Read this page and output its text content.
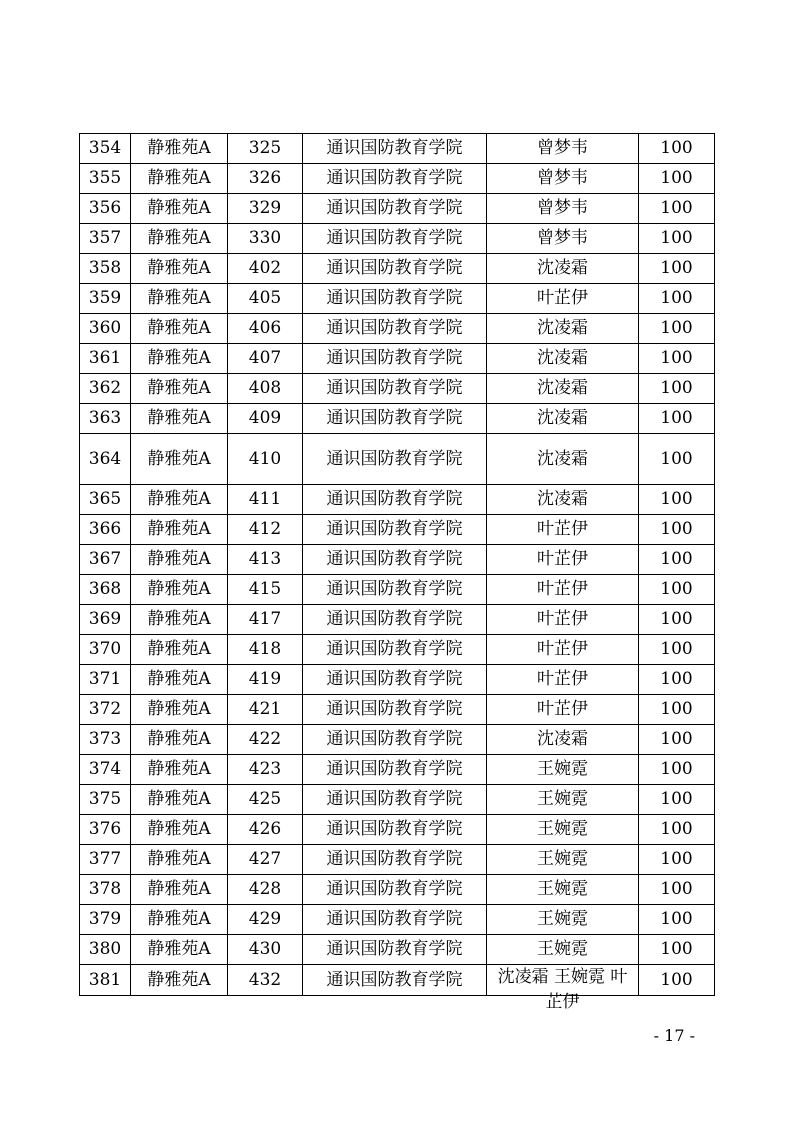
354	静雅苑A	325	通识国防教育学院	曾梦韦	100
355	静雅苑A	326	通识国防教育学院	曾梦韦	100
356	静雅苑A	329	通识国防教育学院	曾梦韦	100
357	静雅苑A	330	通识国防教育学院	曾梦韦	100
358	静雅苑A	402	通识国防教育学院	沈凌霜	100
359	静雅苑A	405	通识国防教育学院	叶芷伊	100
360	静雅苑A	406	通识国防教育学院	沈凌霜	100
361	静雅苑A	407	通识国防教育学院	沈凌霜	100
362	静雅苑A	408	通识国防教育学院	沈凌霜	100
363	静雅苑A	409	通识国防教育学院	沈凌霜	100
364	静雅苑A	410	通识国防教育学院	沈凌霜	100
365	静雅苑A	411	通识国防教育学院	沈凌霜	100
366	静雅苑A	412	通识国防教育学院	叶芷伊	100
367	静雅苑A	413	通识国防教育学院	叶芷伊	100
368	静雅苑A	415	通识国防教育学院	叶芷伊	100
369	静雅苑A	417	通识国防教育学院	叶芷伊	100
370	静雅苑A	418	通识国防教育学院	叶芷伊	100
371	静雅苑A	419	通识国防教育学院	叶芷伊	100
372	静雅苑A	421	通识国防教育学院	叶芷伊	100
373	静雅苑A	422	通识国防教育学院	沈凌霜	100
374	静雅苑A	423	通识国防教育学院	王婉霓	100
375	静雅苑A	425	通识国防教育学院	王婉霓	100
376	静雅苑A	426	通识国防教育学院	王婉霓	100
377	静雅苑A	427	通识国防教育学院	王婉霓	100
378	静雅苑A	428	通识国防教育学院	王婉霓	100
379	静雅苑A	429	通识国防教育学院	王婉霓	100
380	静雅苑A	430	通识国防教育学院	王婉霓	100
381	静雅苑A	432	通识国防教育学院	沈凌霜 王婉霓 叶芷伊	100
- 17 -
